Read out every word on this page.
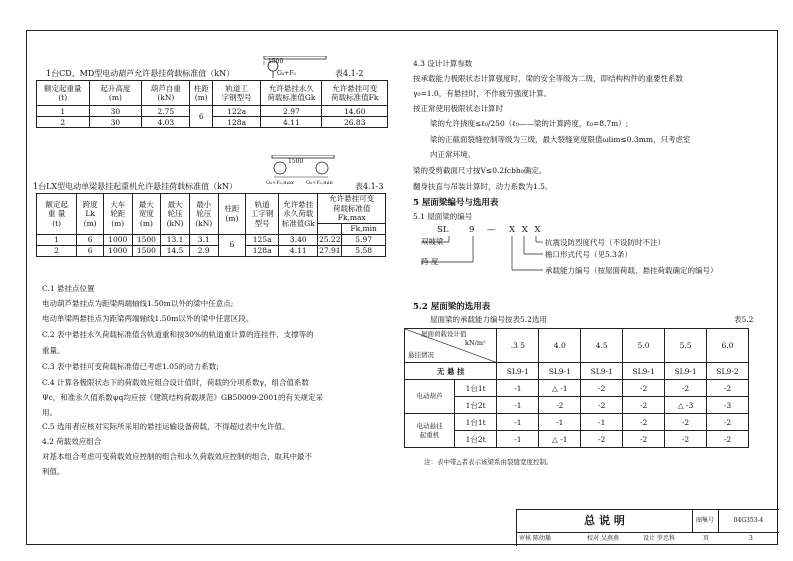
1500
G₀+F₀
1台CD、MD型电动葫芦允许悬挂荷载标准值（kN）	表4.1-2
额定起重量
(t)	起升高度
(m)	葫芦自重
(kN)	柱距
(m)	轨道工
字钢型号	允许悬挂永久
荷载标准值Gk	允许悬挂可变
荷载标准值Fk
1	30	2.75	6	122a	2.97	14.60
2	30	4.03		128a	4.11	26.83
1500
G₀+F₀,max G₀+F₀,min
1台LX型电动单梁悬挂起重机允许悬挂荷载标准值（kN）	表4.1-3
额定起
重 量
(t)	跨度
Lk
(m)	大车
轮距
(m)	最大
宽度
(m)	最大
轮压
(kN)	最小
轮压
(kN)	柱距
(m)	轨道
工字钢
型号	允许悬挂
永久荷载
标准值Gk	允许悬挂可变
荷载标准值
Fk,max	
										Fk,min
1	6	1000	1500	13.1	3.1	6	125a	3.40	25.22	5.97
2	6	1000	1500	14.5	2.9		128a	4.11	27.91	5.58
C.1 悬挂点位置
电动葫芦悬挂点为距梁两端轴线1.50m以外的梁中任意点;
电动单梁两悬挂点为距梁两端轴线1.50m以外的梁中任意区段。
C.2 表中悬挂永久荷载标准值含轨道重和按30%的轨道重计算的连挂件、支撑等的
重量。
C.3 表中悬挂可变荷载标准值已考虑1.05的动力系数;
C.4 计算各极限状态下的荷载效应组合设计值时，荷载的分项系数γ，组合值系数
Ψc，和准永久值系数ψq均应按《建筑结构荷载规范》GB50009-2001的有关规定采
用。
C.5 选用者应核对实际所采用的悬挂运输设备荷载，不得超过表中允许值。
4.2 荷载效应组合
对基本组合考虑可变荷载效应控制的组合和永久荷载效应控制的组合，取其中最不
利值。
4.3 设计计算参数
按承载能力极限状态计算强度时，梁的安全等级为二级，即结构构件的重要性系数
γ₀=1.0，有悬挂时，不作疲劳强度计算。
按正常使用极限状态计算时
梁的允许挠度≤ℓ₀/250（ℓ₀——梁的计算跨度，ℓ₀=8.7m）;
梁的正截面裂缝控制等级为三级，最大裂缝宽度限值ωlim≤0.3mm，只考虑室
内正常环境。
梁的受剪截面尺寸按V≤0.2fcbh₀确定。
翻身扶直与吊装计算时，动力系数为1.5。
5 屋面梁编号与选用表
5.1 屋面梁的编号
SL 9 — X X X
双坡梁
跨 度
抗震设防烈度代号（不设防时不注）
檐口形式代号（见5.3条）
承载能力编号（按屋面荷载、悬挂荷载确定的编号）
5.2 屋面梁的选用表
屋面梁的承载能力编号按表5.2选用	表5.2
屋面荷载设计值
kN/m²
悬挂情况		.3 5	4.0	4.5	5.0	5.5	6.0
无 悬 挂		SL9-1	SL9-1	SL9-1	SL9-1	SL9-1	SL9-2
电动葫芦	1台1t	-1	△ -1	-2	-2	-2	-2
	1台2t	-1	-2	-2	-2	△ -3	-3
电动悬挂
起重机	1台1t	-1	-1	-1	-2	-2	-2
	1台2t	-1	△ -1	-2	-2	-2	-2
注：表中带△者表示该梁系由裂缝宽度控制。
总 说 明	图集号	04G353-4
审核 陈幼璠	校对 吴燕燕	设计 罗忠科	页	3
